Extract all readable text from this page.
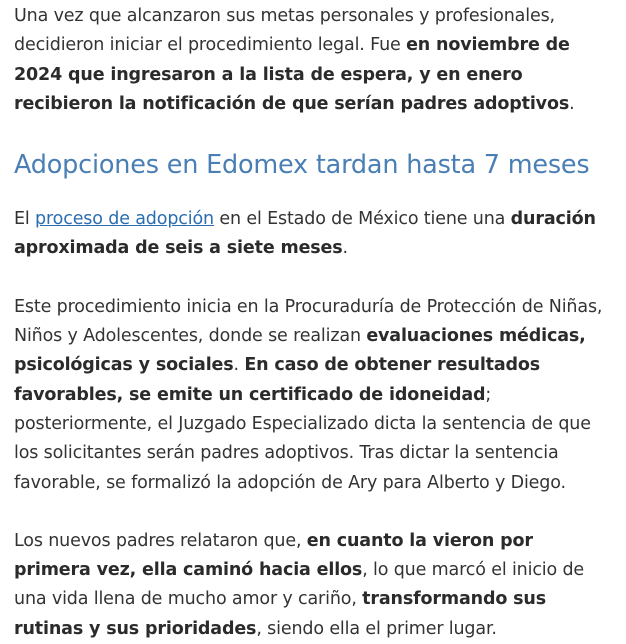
Una vez que alcanzaron sus metas personales y profesionales, decidieron iniciar el procedimiento legal. Fue en noviembre de 2024 que ingresaron a la lista de espera, y en enero recibieron la notificación de que serían padres adoptivos.

Adopciones en Edomex tardan hasta 7 meses

El proceso de adopción en el Estado de México tiene una duración aproximada de seis a siete meses.

Este procedimiento inicia en la Procuraduría de Protección de Niñas, Niños y Adolescentes, donde se realizan evaluaciones médicas, psicológicas y sociales. En caso de obtener resultados favorables, se emite un certificado de idoneidad; posteriormente, el Juzgado Especializado dicta la sentencia de que los solicitantes serán padres adoptivos. Tras dictar la sentencia favorable, se formalizó la adopción de Ary para Alberto y Diego.

Los nuevos padres relataron que, en cuanto la vieron por primera vez, ella caminó hacia ellos, lo que marcó el inicio de una vida llena de mucho amor y cariño, transformando sus rutinas y sus prioridades, siendo ella el primer lugar.
